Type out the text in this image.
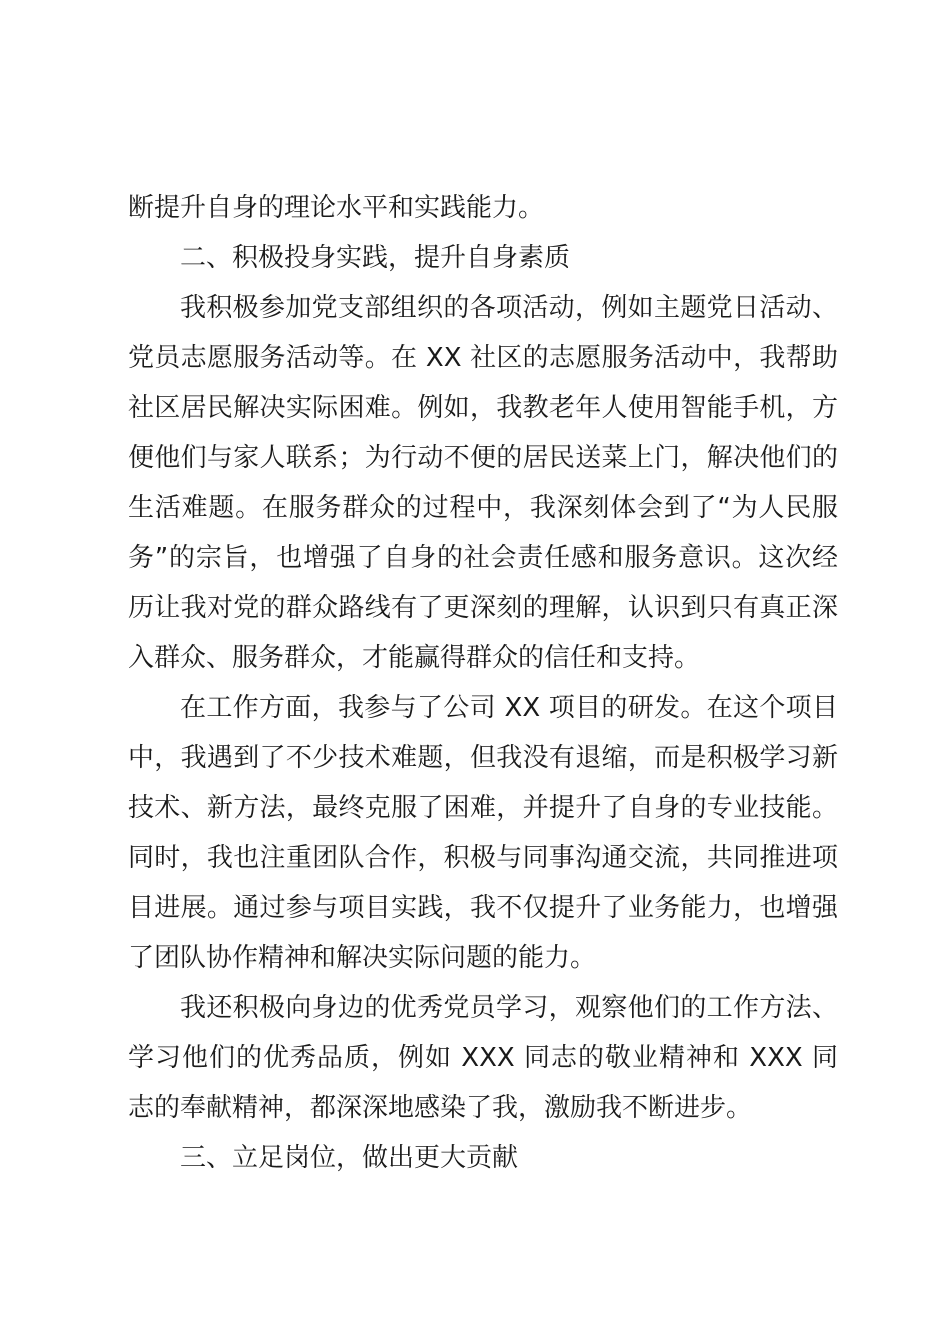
断提升自身的理论水平和实践能力。

二、积极投身实践，提升自身素质

我积极参加党支部组织的各项活动，例如主题党日活动、党员志愿服务活动等。在 XX 社区的志愿服务活动中，我帮助社区居民解决实际困难。例如，我教老年人使用智能手机，方便他们与家人联系；为行动不便的居民送菜上门，解决他们的生活难题。在服务群众的过程中，我深刻体会到了“为人民服务”的宗旨，也增强了自身的社会责任感和服务意识。这次经历让我对党的群众路线有了更深刻的理解，认识到只有真正深入群众、服务群众，才能赢得群众的信任和支持。

在工作方面，我参与了公司 XX 项目的研发。在这个项目中，我遇到了不少技术难题，但我没有退缩，而是积极学习新技术、新方法，最终克服了困难，并提升了自身的专业技能。同时，我也注重团队合作，积极与同事沟通交流，共同推进项目进展。通过参与项目实践，我不仅提升了业务能力，也增强了团队协作精神和解决实际问题的能力。

我还积极向身边的优秀党员学习，观察他们的工作方法、学习他们的优秀品质，例如 XXX 同志的敬业精神和 XXX 同志的奉献精神，都深深地感染了我，激励我不断进步。

三、立足岗位，做出更大贡献
